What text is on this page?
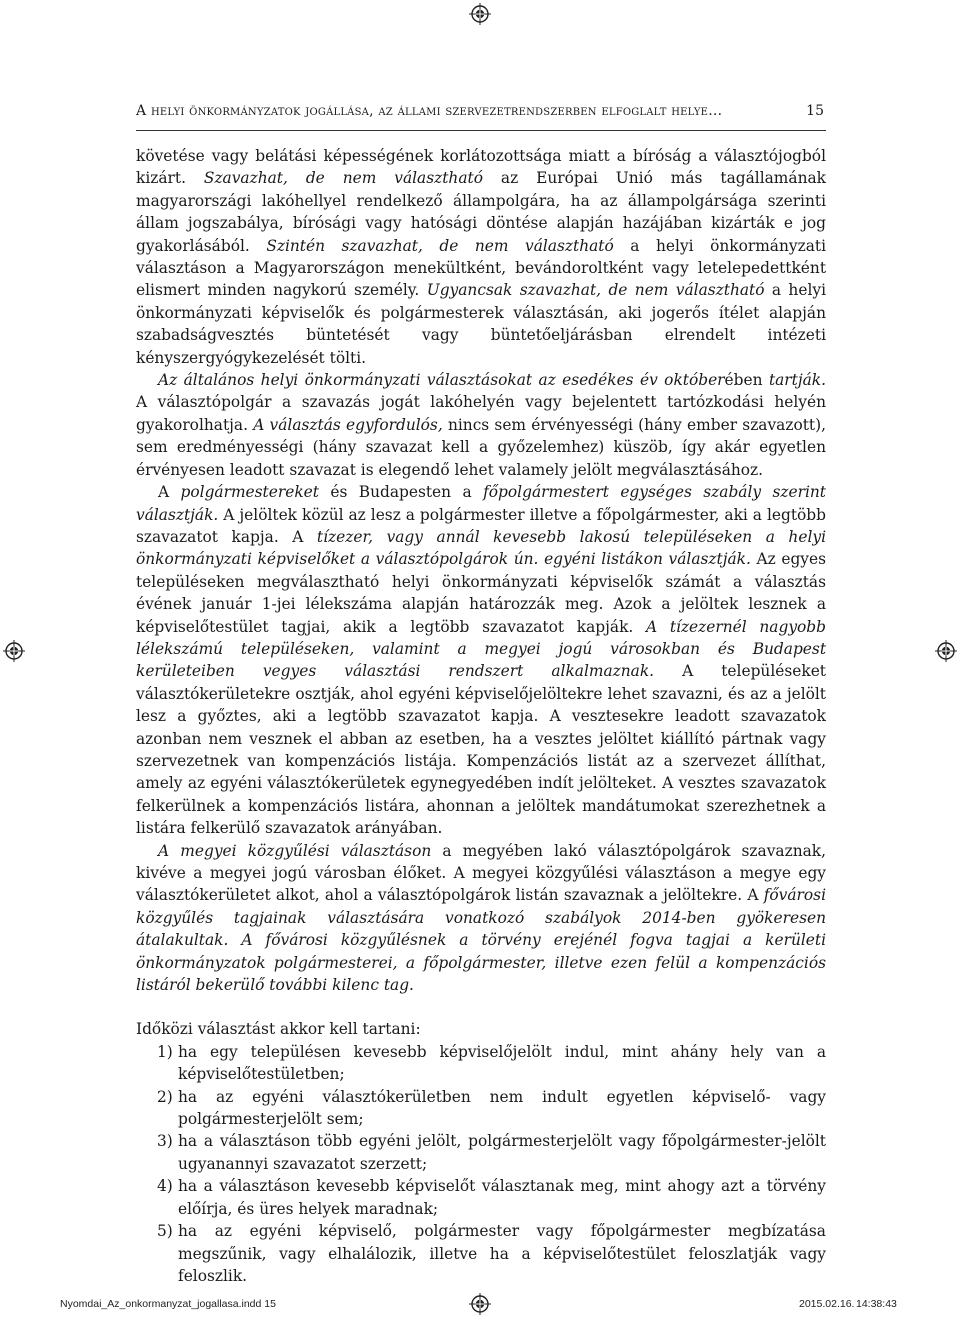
A helyi önkormányzatok jogállása, az állami szervezetrendszerben elfoglalt helye…	15

követése vagy belátási képességének korlátozottsága miatt a bíróság a választójogból kizárt. Szavazhat, de nem választható az Európai Unió más tagállamának magyarországi lakóhellyel rendelkező állampolgára, ha az állampolgársága szerinti állam jogszabálya, bírósági vagy hatósági döntése alapján hazájában kizárták e jog gyakorlásából. Szintén szavazhat, de nem választható a helyi önkormányzati választáson a Magyarországon menekültként, bevándoroltként vagy letelepedettként elismert minden nagykorú személy. Ugyancsak szavazhat, de nem választható a helyi önkormányzati képviselők és polgármesterek választásán, aki jogerős ítélet alapján szabadságvesztés büntetését vagy büntetőeljárásban elrendelt intézeti kényszergyógykezelését tölti.

Az általános helyi önkormányzati választásokat az esedékes év októberében tartják. A választópolgár a szavazás jogát lakóhelyén vagy bejelentett tartózkodási helyén gyakorolhatja. A választás egyfordulós, nincs sem érvényességi (hány ember szavazott), sem eredményességi (hány szavazat kell a győzelemhez) küszöb, így akár egyetlen érvényesen leadott szavazat is elegendő lehet valamely jelölt megválasztásához.

A polgármestereket és Budapesten a főpolgármestert egységes szabály szerint választják. A jelöltek közül az lesz a polgármester illetve a főpolgármester, aki a legtöbb szavazatot kapja. A tízezer, vagy annál kevesebb lakosú településeken a helyi önkormányzati képviselőket a választópolgárok ún. egyéni listákon választják. Az egyes településeken megválasztható helyi önkormányzati képviselők számát a választás évének január 1-jei lélekszáma alapján határozzák meg. Azok a jelöltek lesznek a képviselőtestület tagjai, akik a legtöbb szavazatot kapják. A tízezernél nagyobb lélekszámú településeken, valamint a megyei jogú városokban és Budapest kerületeiben vegyes választási rendszert alkalmaznak. A településeket választókerületekre osztják, ahol egyéni képviselőjelöltekre lehet szavazni, és az a jelölt lesz a győztes, aki a legtöbb szavazatot kapja. A vesztesekre leadott szavazatok azonban nem vesznek el abban az esetben, ha a vesztes jelöltet kiállító pártnak vagy szervezetnek van kompenzációs listája. Kompenzációs listát az a szervezet állíthat, amely az egyéni választókerületek egynegyedében indít jelölteket. A vesztes szavazatok felkerülnek a kompenzációs listára, ahonnan a jelöltek mandátumokat szerezhetnek a listára felkerülő szavazatok arányában.

A megyei közgyűlési választáson a megyében lakó választópolgárok szavaznak, kivéve a megyei jogú városban élőket. A megyei közgyűlési választáson a megye egy választókerületet alkot, ahol a választópolgárok listán szavaznak a jelöltekre. A fővárosi közgyűlés tagjainak választására vonatkozó szabályok 2014-ben gyökeresen átalakultak. A fővárosi közgyűlésnek a törvény erejénél fogva tagjai a kerületi önkormányzatok polgármesterei, a főpolgármester, illetve ezen felül a kompenzációs listáról bekerülő további kilenc tag.

Időközi választást akkor kell tartani:

1) ha egy településen kevesebb képviselőjelölt indul, mint ahány hely van a képviselőtestületben;
2) ha az egyéni választókerületben nem indult egyetlen képviselő- vagy polgármesterjelölt sem;
3) ha a választáson több egyéni jelölt, polgármesterjelölt vagy főpolgármester-jelölt ugyanannyi szavazatot szerzett;
4) ha a választáson kevesebb képviselőt választanak meg, mint ahogy azt a törvény előírja, és üres helyek maradnak;
5) ha az egyéni képviselő, polgármester vagy főpolgármester megbízatása megszűnik, vagy elhalálozik, illetve ha a képviselőtestület feloszlatják vagy feloszlik.
Nyomdai_Az_onkormanyzat_jogallasa.indd 15	2015.02.16. 14:38:43
